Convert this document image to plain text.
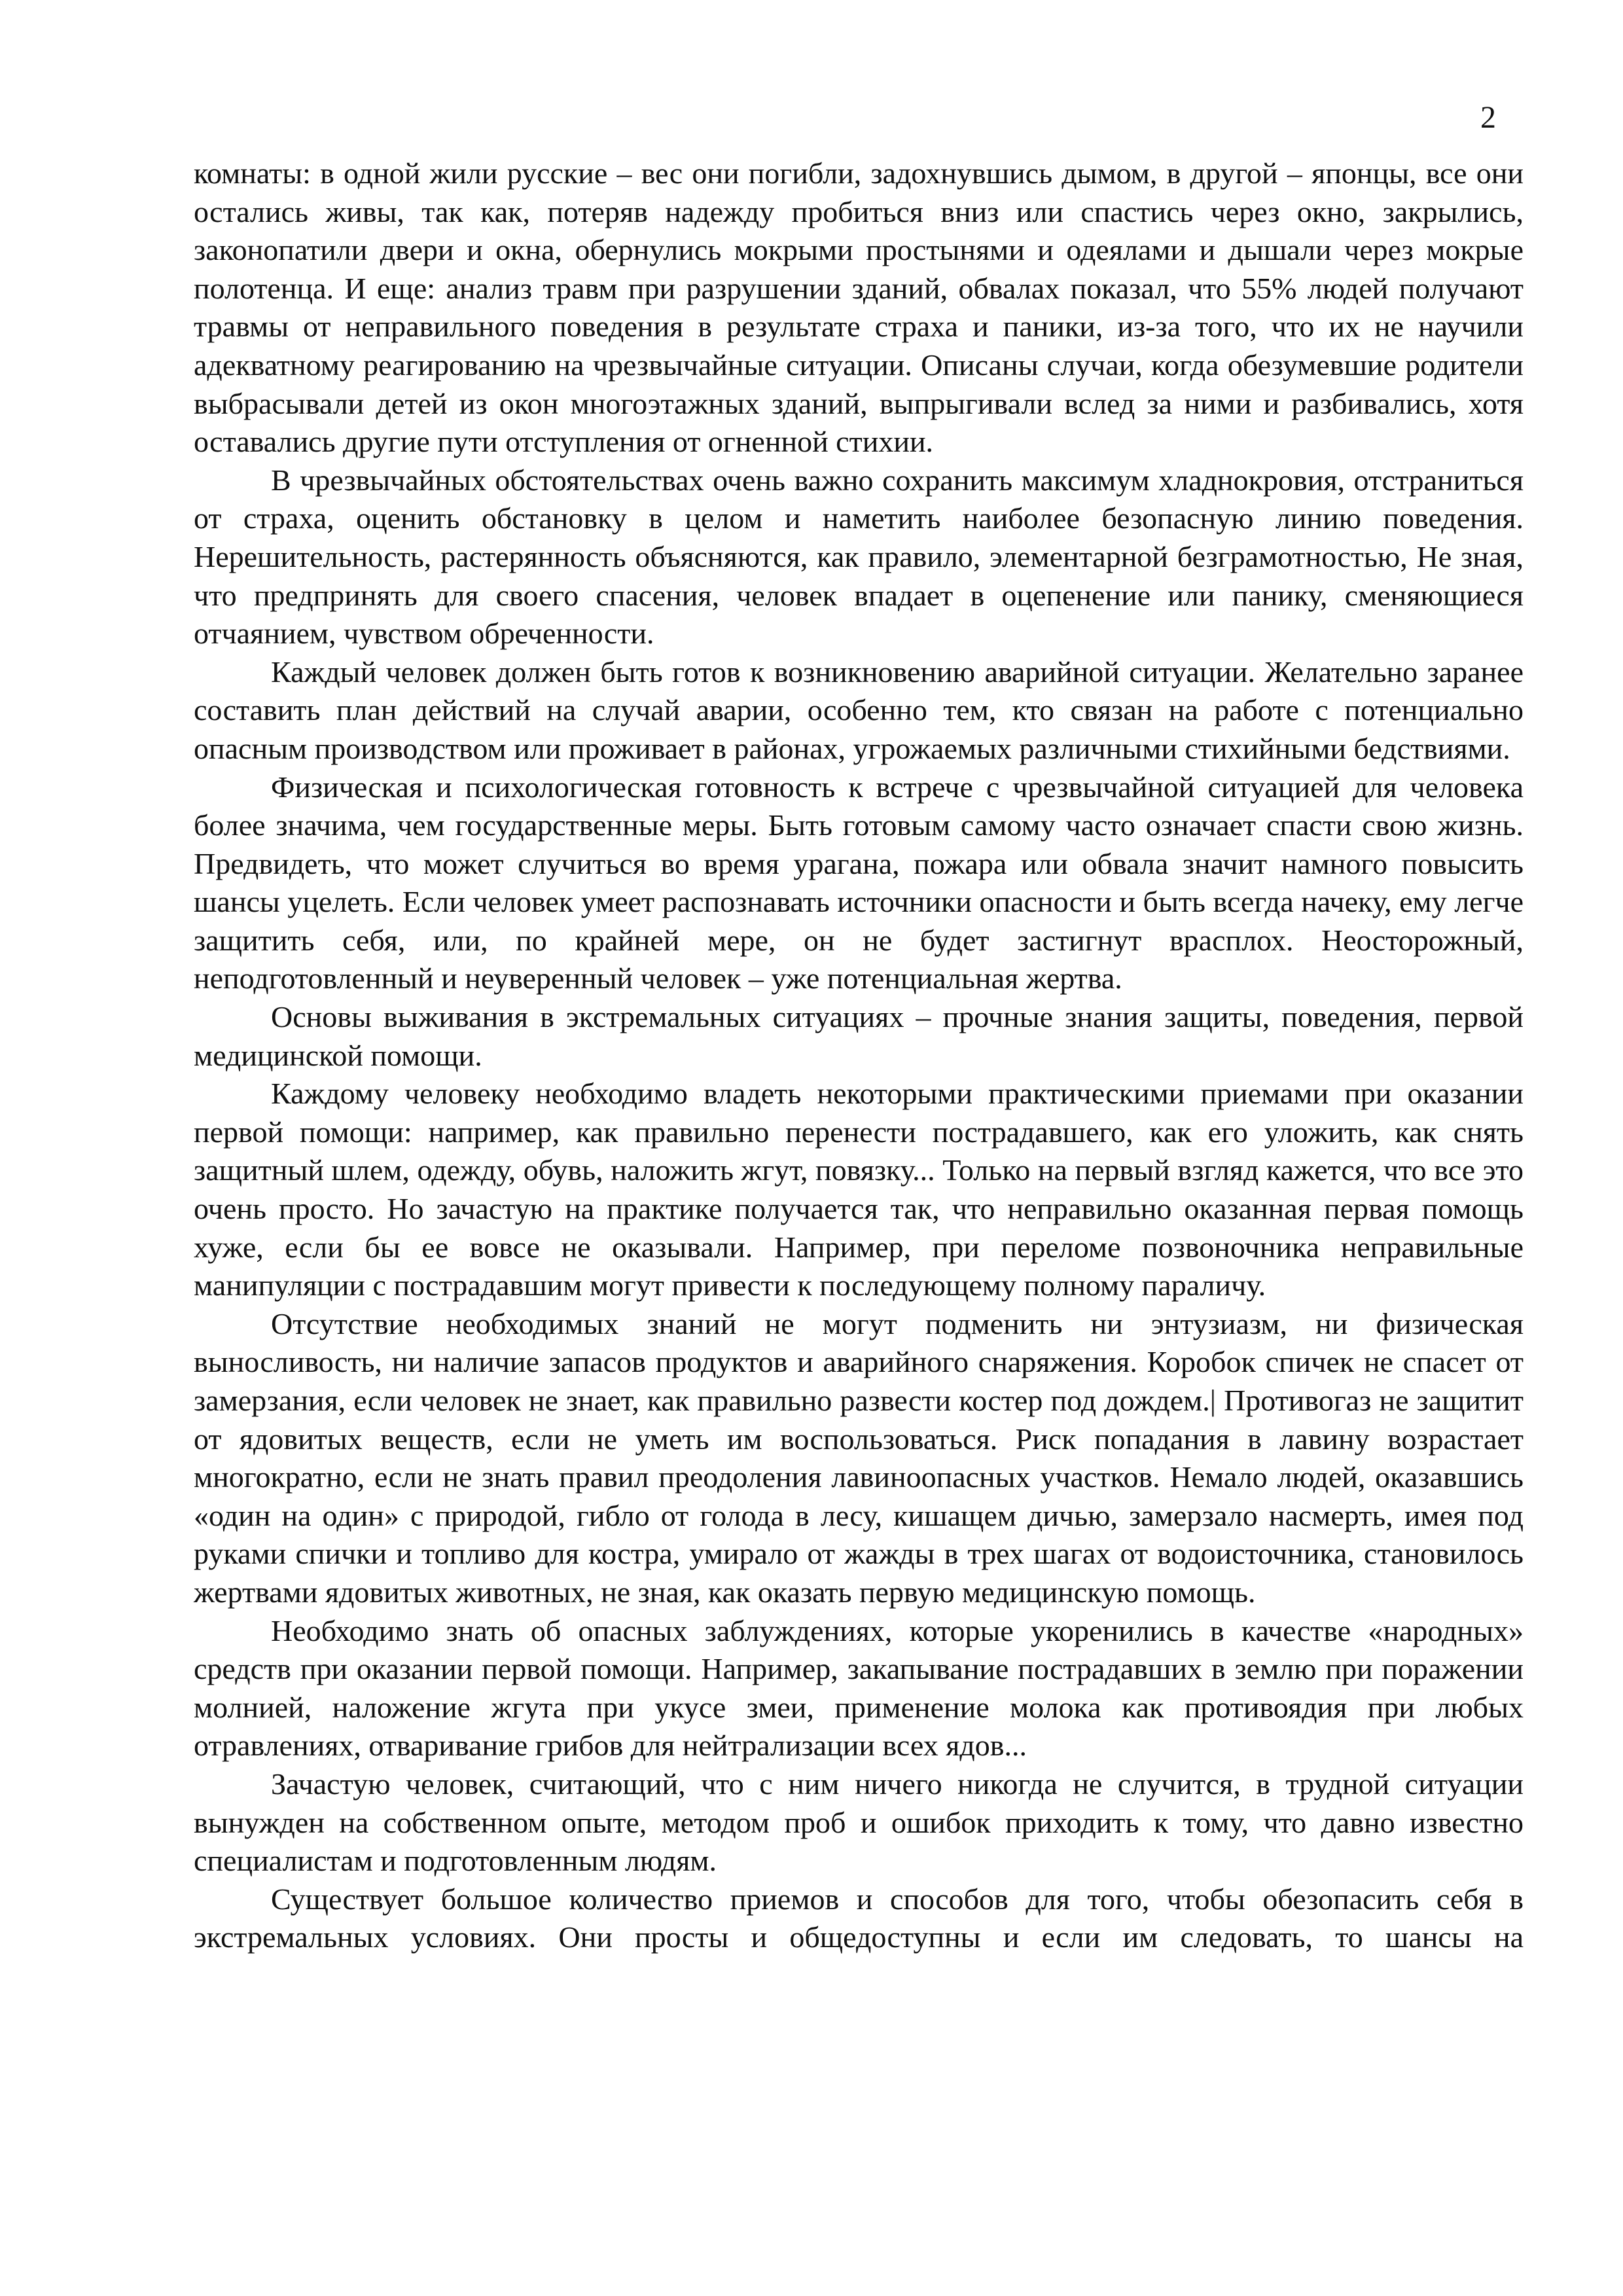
2

комнаты: в одной жили русские – вес они погибли, задохнувшись дымом, в другой – японцы, все они остались живы, так как, потеряв надежду пробиться вниз или спастись через окно, закрылись, законопатили двери и окна, обернулись мокрыми простынями и одеялами и дышали через мокрые полотенца. И еще: анализ травм при разрушении зданий, обвалах показал, что 55% людей получают травмы от неправильного поведения в результате страха и паники, из-за того, что их не научили адекватному реагированию на чрезвычайные ситуации. Описаны случаи, когда обезумевшие родители выбрасывали детей из окон многоэтажных зданий, выпрыгивали вслед за ними и разбивались, хотя оставались другие пути отступления от огненной стихии.

В чрезвычайных обстоятельствах очень важно сохранить максимум хладнокровия, отстраниться от страха, оценить обстановку в целом и наметить наиболее безопасную линию поведения. Нерешительность, растерянность объясняются, как правило, элементарной безграмотностью, Не зная, что предпринять для своего спасения, человек впадает в оцепенение или панику, сменяющиеся отчаянием, чувством обреченности.

Каждый человек должен быть готов к возникновению аварийной ситуации. Желательно заранее составить план действий на случай аварии, особенно тем, кто связан на работе с потенциально опасным производством или проживает в районах, угрожаемых различными стихийными бедствиями.

Физическая и психологическая готовность к встрече с чрезвычайной ситуацией для человека более значима, чем государственные меры. Быть готовым самому часто означает спасти свою жизнь. Предвидеть, что может случиться во время урагана, пожара или обвала значит намного повысить шансы уцелеть. Если человек умеет распознавать источники опасности и быть всегда начеку, ему легче защитить себя, или, по крайней мере, он не будет застигнут врасплох. Неосторожный, неподготовленный и неуверенный человек – уже потенциальная жертва.

Основы выживания в экстремальных ситуациях – прочные знания защиты, поведения, первой медицинской помощи.

Каждому человеку необходимо владеть некоторыми практическими приемами при оказании первой помощи: например, как правильно перенести пострадавшего, как его уложить, как снять защитный шлем, одежду, обувь, наложить жгут, повязку... Только на первый взгляд кажется, что все это очень просто. Но зачастую на практике получается так, что неправильно оказанная первая помощь хуже, если бы ее вовсе не оказывали. Например, при переломе позвоночника неправильные манипуляции с пострадавшим могут привести к последующему полному параличу.

Отсутствие необходимых знаний не могут подменить ни энтузиазм, ни физическая выносливость, ни наличие запасов продуктов и аварийного снаряжения. Коробок спичек не спасет от замерзания, если человек не знает, как правильно развести костер под дождем.| Противогаз не защитит от ядовитых веществ, если не уметь им воспользоваться. Риск попадания в лавину возрастает многократно, если не знать правил преодоления лавиноопасных участков. Немало людей, оказавшись «один на один» с природой, гибло от голода в лесу, кишащем дичью, замерзало насмерть, имея под руками спички и топливо для костра, умирало от жажды в трех шагах от водоисточника, становилось жертвами ядовитых животных, не зная, как оказать первую медицинскую помощь.

Необходимо знать об опасных заблуждениях, которые укоренились в качестве «народных» средств при оказании первой помощи. Например, закапывание пострадавших в землю при поражении молнией, наложение жгута при укусе змеи, применение молока как противоядия при любых отравлениях, отваривание грибов для нейтрализации всех ядов...

Зачастую человек, считающий, что с ним ничего никогда не случится, в трудной ситуации вынужден на собственном опыте, методом проб и ошибок приходить к тому, что давно известно специалистам и подготовленным людям.

Существует большое количество приемов и способов для того, чтобы обезопасить себя в экстремальных условиях. Они просты и общедоступны и если им следовать, то шансы на
